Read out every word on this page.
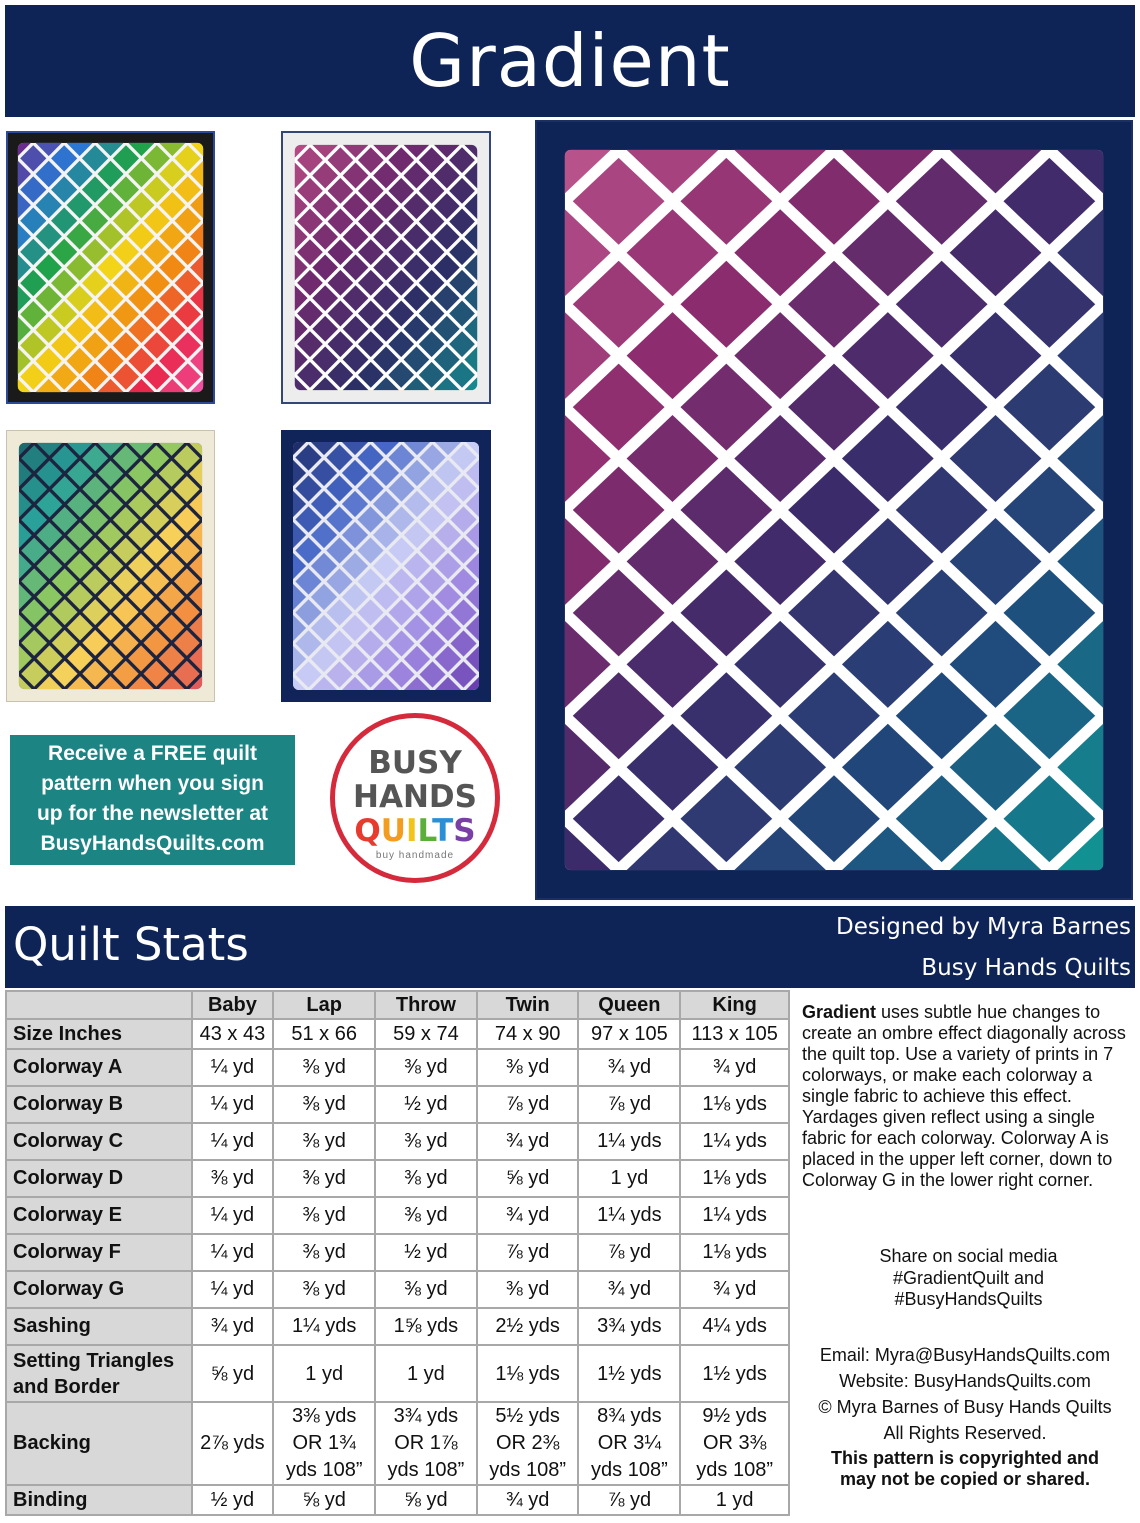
Gradient
Receive a FREE quilt
pattern when you sign
up for the newsletter at
BusyHandsQuilts.com
BUSY
HANDS
QUILTS
buy handmade
Quilt Stats	Designed by Myra Barnes
Busy Hands Quilts
	Baby	Lap	Throw	Twin	Queen	King
Size Inches	43 x 43	51 x 66	59 x 74	74 x 90	97 x 105	113 x 105
Colorway A	¼ yd	⅜ yd	⅜ yd	⅜ yd	¾ yd	¾ yd
Colorway B	¼ yd	⅜ yd	½ yd	⅞ yd	⅞ yd	1⅛ yds
Colorway C	¼ yd	⅜ yd	⅜ yd	¾ yd	1¼ yds	1¼ yds
Colorway D	⅜ yd	⅜ yd	⅜ yd	⅝ yd	1 yd	1⅛ yds
Colorway E	¼ yd	⅜ yd	⅜ yd	¾ yd	1¼ yds	1¼ yds
Colorway F	¼ yd	⅜ yd	½ yd	⅞ yd	⅞ yd	1⅛ yds
Colorway G	¼ yd	⅜ yd	⅜ yd	⅜ yd	¾ yd	¾ yd
Sashing	¾ yd	1¼ yds	1⅝ yds	2½ yds	3¾ yds	4¼ yds
Setting Triangles
and Border	⅝ yd	1 yd	1 yd	1⅛ yds	1½ yds	1½ yds
Backing	2⅞ yds	3⅜ yds
OR 1¾
yds 108”	3¾ yds
OR 1⅞
yds 108”	5½ yds
OR 2⅜
yds 108”	8¾ yds
OR 3¼
yds 108”	9½ yds
OR 3⅜
yds 108”
Binding	½ yd	⅝ yd	⅝ yd	¾ yd	⅞ yd	1 yd
Gradient uses subtle hue changes to create an ombre effect diagonally across the quilt top. Use a variety of prints in 7 colorways, or make each colorway a single fabric to achieve this effect. Yardages given reflect using a single fabric for each colorway. Colorway A is placed in the upper left corner, down to Colorway G in the lower right corner.
Share on social media
#GradientQuilt and
#BusyHandsQuilts
Email: Myra@BusyHandsQuilts.com
Website: BusyHandsQuilts.com
© Myra Barnes of Busy Hands Quilts
All Rights Reserved.
This pattern is copyrighted and
may not be copied or shared.
